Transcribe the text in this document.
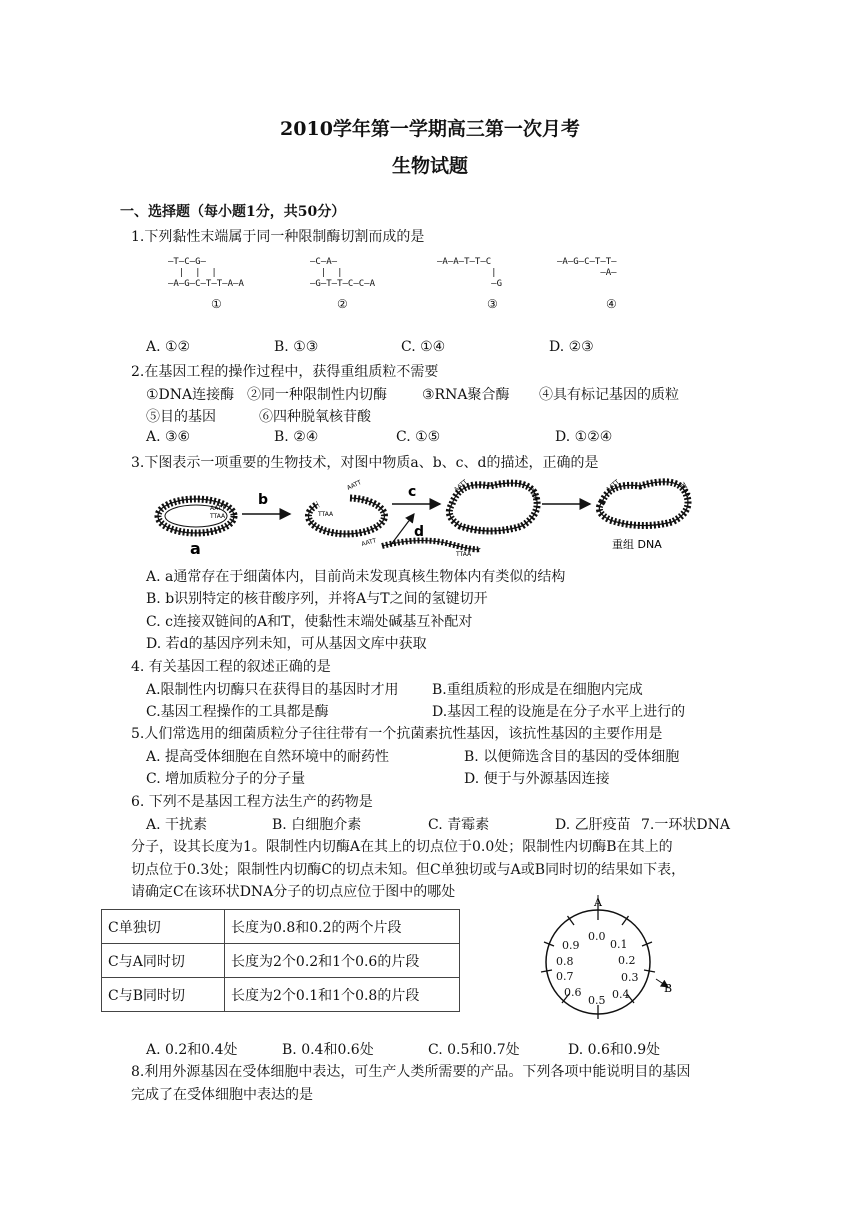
2010学年第一学期高三第一次月考
生物试题
一、选择题（每小题1分，共50分）
1.下列黏性末端属于同一种限制酶切割而成的是
—T—C—G—
|  |  |
—A—G—C—T—T—A—A
①
—C—A—
|  |
—G—T—T—C—C—A
②
—A—A—T—T—C
|
—G
③
—A—G—C—T—T—
—A—
④
A. ①②	B. ①③	C. ①④	D. ②③
2.在基因工程的操作过程中，获得重组质粒不需要
①DNA连接酶 ②同一种限制性内切酶	③RNA聚合酶 ④具有标记基因的质粒
⑤目的基因	⑥四种脱氧核苷酸
A. ③⑥	B. ②④	C. ①⑤	D. ①②④
3.下图表示一项重要的生物技术，对图中物质a、b、c、d的描述，正确的是
AATT
TTAA
a
b
TTAA
AATT	c
AATT
TTAA
d
AATT	TTAA	AATT	TTAA
重组 DNA
A. a通常存在于细菌体内，目前尚未发现真核生物体内有类似的结构
B. b识别特定的核苷酸序列，并将A与T之间的氢键切开
C. c连接双链间的A和T，使黏性末端处碱基互补配对
D. 若d的基因序列未知，可从基因文库中获取
4. 有关基因工程的叙述正确的是
A.限制性内切酶只在获得目的基因时才用 B.重组质粒的形成是在细胞内完成
C.基因工程操作的工具都是酶	D.基因工程的设施是在分子水平上进行的
5.人们常选用的细菌质粒分子往往带有一个抗菌素抗性基因，该抗性基因的主要作用是
A. 提高受体细胞在自然环境中的耐药性	B. 以便筛选含目的基因的受体细胞
C. 增加质粒分子的分子量	D. 便于与外源基因连接
6. 下列不是基因工程方法生产的药物是
A. 干扰素	B. 白细胞介素	C. 青霉素	D. 乙肝疫苗 7.一环状DNA
分子，设其长度为1。限制性内切酶A在其上的切点位于0.0处；限制性内切酶B在其上的
切点位于0.3处；限制性内切酶C的切点未知。但C单独切或与A或B同时切的结果如下表，
请确定C在该环状DNA分子的切点应位于图中的哪处
C单独切	长度为0.8和0.2的两个片段
C与A同时切	长度为2个0.2和1个0.6的片段
C与B同时切	长度为2个0.1和1个0.8的片段
A
B
0.0
0.1
0.2
0.3
0.4
0.5
0.6
0.7
0.8
0.9
A. 0.2和0.4处	B. 0.4和0.6处	C. 0.5和0.7处	D. 0.6和0.9处
8.利用外源基因在受体细胞中表达，可生产人类所需要的产品。下列各项中能说明目的基因
完成了在受体细胞中表达的是
